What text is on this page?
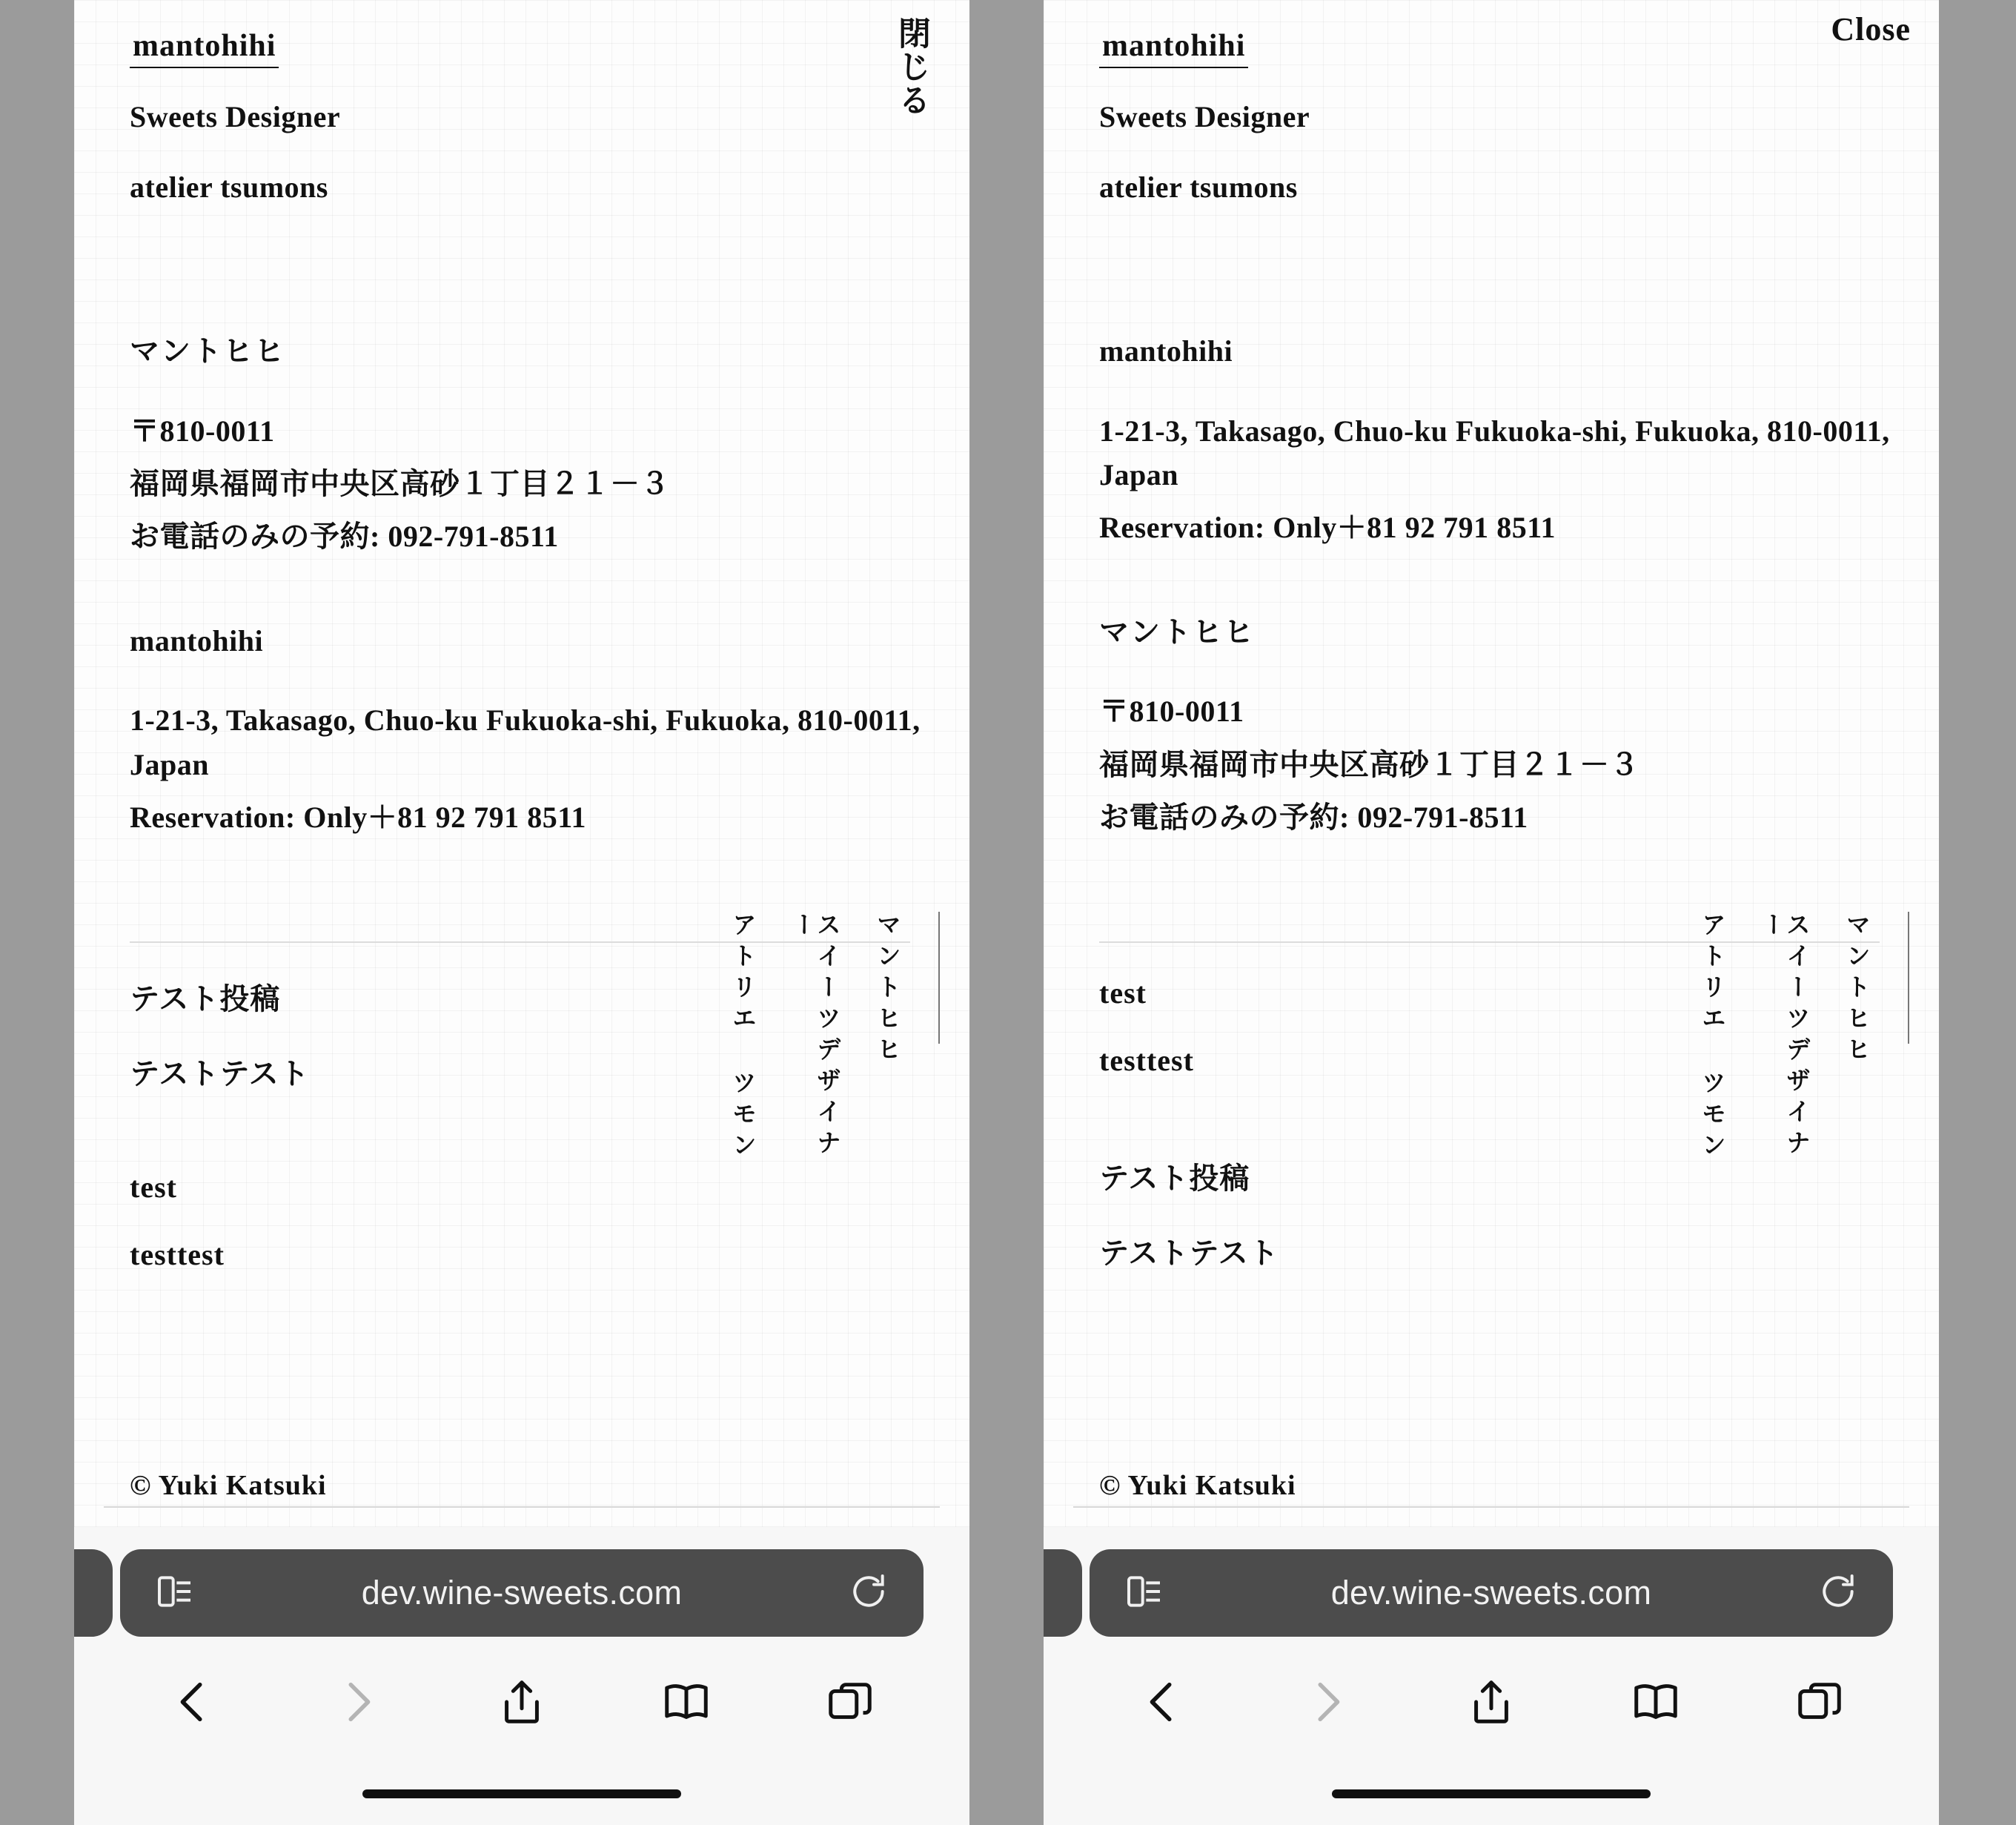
閉じる
mantohihi
Sweets Designer
atelier tsumons
マントヒヒ
〒810-0011
福岡県福岡市中央区高砂１丁目２１－３
お電話のみの予約: 092-791-8511
mantohihi
1-21-3, Takasago, Chuo-ku Fukuoka-shi, Fukuoka, 810-0011, Japan
Reservation: Only＋81 92 791 8511
テスト投稿
テストテスト
test
testtest
アトリエ ツモン	スイーツデザイナー	マントヒヒ
© Yuki Katsuki
dev.wine-sweets.com
Close
mantohihi
Sweets Designer
atelier tsumons
mantohihi
1-21-3, Takasago, Chuo-ku Fukuoka-shi, Fukuoka, 810-0011, Japan
Reservation: Only＋81 92 791 8511
マントヒヒ
〒810-0011
福岡県福岡市中央区高砂１丁目２１－３
お電話のみの予約: 092-791-8511
test
testtest
テスト投稿
テストテスト
アトリエ ツモン	スイーツデザイナー	マントヒヒ
© Yuki Katsuki
dev.wine-sweets.com
